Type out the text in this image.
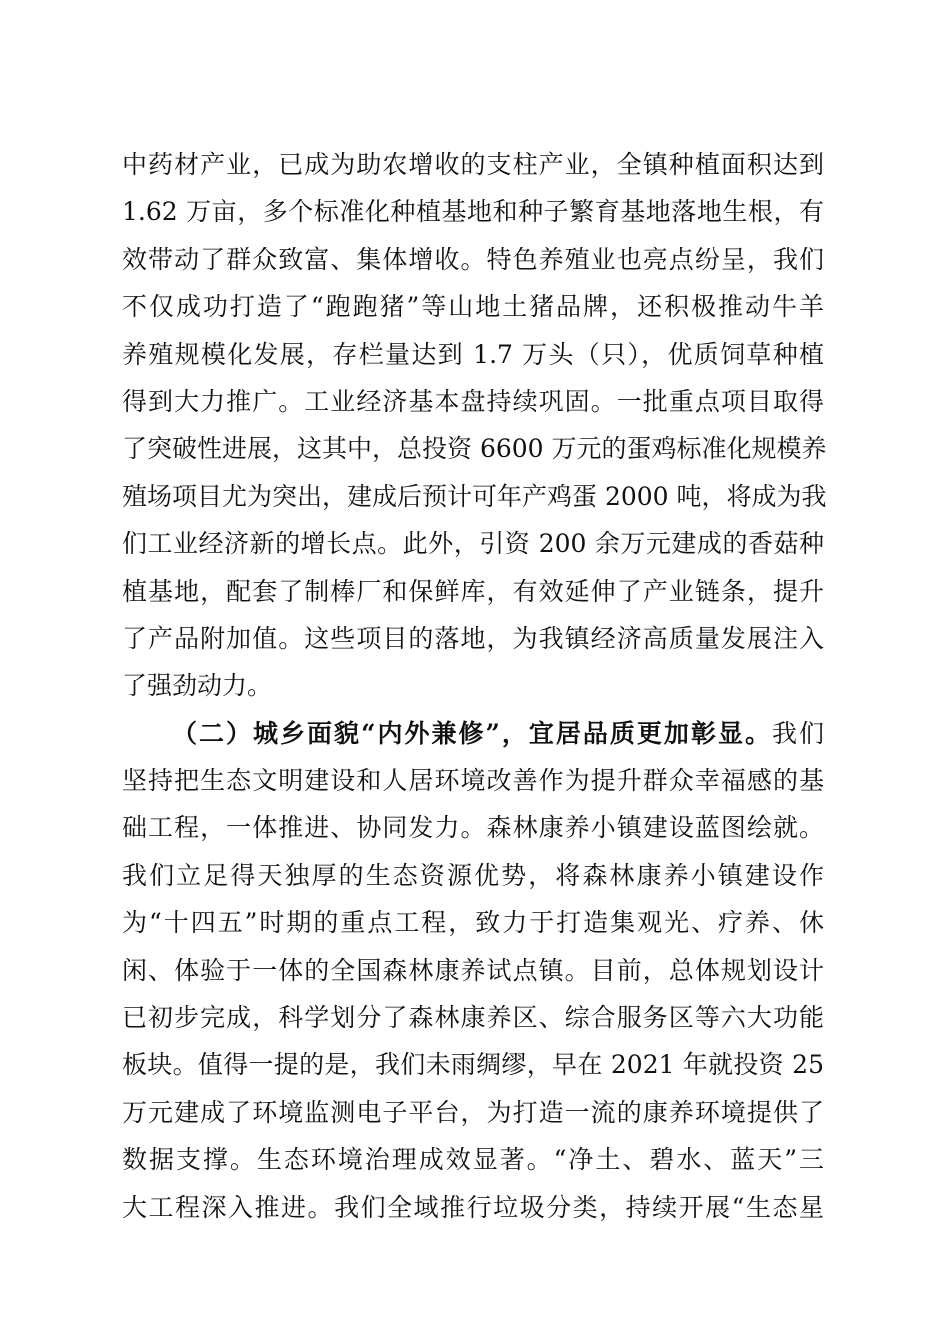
中药材产业，已成为助农增收的支柱产业，全镇种植面积达到
1.62 万亩，多个标准化种植基地和种子繁育基地落地生根，有
效带动了群众致富、集体增收。特色养殖业也亮点纷呈，我们
不仅成功打造了“跑跑猪”等山地土猪品牌，还积极推动牛羊
养殖规模化发展，存栏量达到 1.7 万头（只），优质饲草种植
得到大力推广。工业经济基本盘持续巩固。一批重点项目取得
了突破性进展，这其中，总投资 6600 万元的蛋鸡标准化规模养
殖场项目尤为突出，建成后预计可年产鸡蛋 2000 吨，将成为我
们工业经济新的增长点。此外，引资 200 余万元建成的香菇种
植基地，配套了制棒厂和保鲜库，有效延伸了产业链条，提升
了产品附加值。这些项目的落地，为我镇经济高质量发展注入
了强劲动力。
（二）城乡面貌“内外兼修”，宜居品质更加彰显。我们
坚持把生态文明建设和人居环境改善作为提升群众幸福感的基
础工程，一体推进、协同发力。森林康养小镇建设蓝图绘就。
我们立足得天独厚的生态资源优势，将森林康养小镇建设作
为“十四五”时期的重点工程，致力于打造集观光、疗养、休
闲、体验于一体的全国森林康养试点镇。目前，总体规划设计
已初步完成，科学划分了森林康养区、综合服务区等六大功能
板块。值得一提的是，我们未雨绸缪，早在 2021 年就投资 25
万元建成了环境监测电子平台，为打造一流的康养环境提供了
数据支撑。生态环境治理成效显著。“净土、碧水、蓝天”三
大工程深入推进。我们全域推行垃圾分类，持续开展“生态星
